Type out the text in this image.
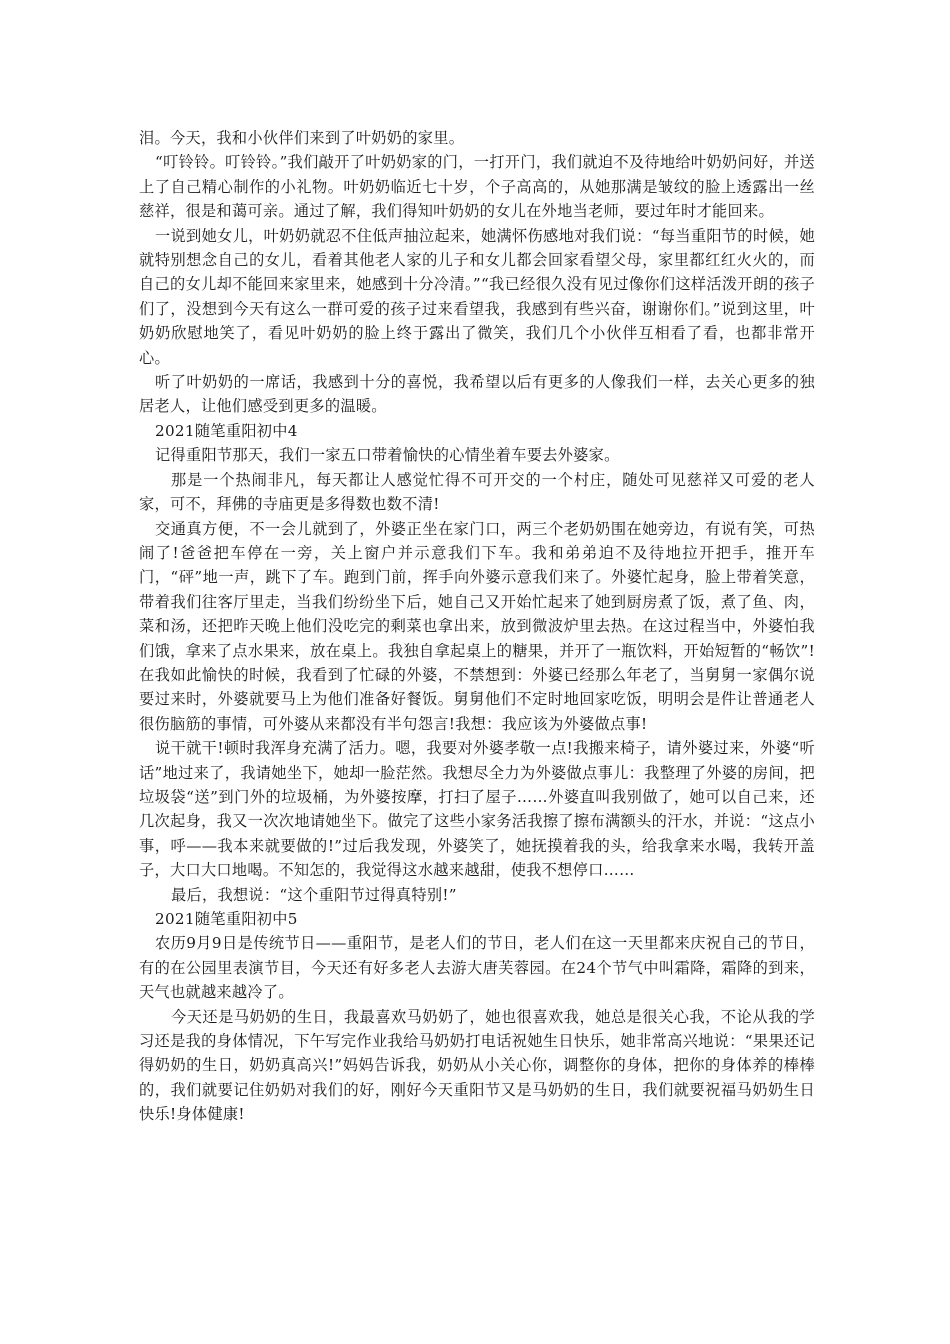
泪。今天，我和小伙伴们来到了叶奶奶的家里。

“叮铃铃。叮铃铃。”我们敲开了叶奶奶家的门，一打开门，我们就迫不及待地给叶奶奶问好，并送上了自己精心制作的小礼物。叶奶奶临近七十岁，个子高高的，从她那满是皱纹的脸上透露出一丝慈祥，很是和蔼可亲。通过了解，我们得知叶奶奶的女儿在外地当老师，要过年时才能回来。

一说到她女儿，叶奶奶就忍不住低声抽泣起来，她满怀伤感地对我们说：“每当重阳节的时候，她就特别想念自己的女儿，看着其他老人家的儿子和女儿都会回家看望父母，家里都红红火火的，而自己的女儿却不能回来家里来，她感到十分冷清。”“我已经很久没有见过像你们这样活泼开朗的孩子们了，没想到今天有这么一群可爱的孩子过来看望我，我感到有些兴奋，谢谢你们。”说到这里，叶奶奶欣慰地笑了，看见叶奶奶的脸上终于露出了微笑，我们几个小伙伴互相看了看，也都非常开心。

听了叶奶奶的一席话，我感到十分的喜悦，我希望以后有更多的人像我们一样，去关心更多的独居老人，让他们感受到更多的温暖。

2021随笔重阳初中4

记得重阳节那天，我们一家五口带着愉快的心情坐着车要去外婆家。

那是一个热闹非凡，每天都让人感觉忙得不可开交的一个村庄，随处可见慈祥又可爱的老人家，可不，拜佛的寺庙更是多得数也数不清!

交通真方便，不一会儿就到了，外婆正坐在家门口，两三个老奶奶围在她旁边，有说有笑，可热闹了!爸爸把车停在一旁，关上窗户并示意我们下车。我和弟弟迫不及待地拉开把手，推开车门，“砰”地一声，跳下了车。跑到门前，挥手向外婆示意我们来了。外婆忙起身，脸上带着笑意，带着我们往客厅里走，当我们纷纷坐下后，她自己又开始忙起来了她到厨房煮了饭，煮了鱼、肉，菜和汤，还把昨天晚上他们没吃完的剩菜也拿出来，放到微波炉里去热。在这过程当中，外婆怕我们饿，拿来了点水果来，放在桌上。我独自拿起桌上的糖果，并开了一瓶饮料，开始短暂的“畅饮”!在我如此愉快的时候，我看到了忙碌的外婆，不禁想到：外婆已经那么年老了，当舅舅一家偶尔说要过来时，外婆就要马上为他们准备好餐饭。舅舅他们不定时地回家吃饭，明明会是件让普通老人很伤脑筋的事情，可外婆从来都没有半句怨言!我想：我应该为外婆做点事!

说干就干!顿时我浑身充满了活力。嗯，我要对外婆孝敬一点!我搬来椅子，请外婆过来，外婆“听话”地过来了，我请她坐下，她却一脸茫然。我想尽全力为外婆做点事儿：我整理了外婆的房间，把垃圾袋“送”到门外的垃圾桶，为外婆按摩，打扫了屋子……外婆直叫我别做了，她可以自己来，还几次起身，我又一次次地请她坐下。做完了这些小家务活我擦了擦布满额头的汗水，并说：“这点小事，呼——我本来就要做的!”过后我发现，外婆笑了，她抚摸着我的头，给我拿来水喝，我转开盖子，大口大口地喝。不知怎的，我觉得这水越来越甜，使我不想停口……

最后，我想说：“这个重阳节过得真特别!”

2021随笔重阳初中5

农历9月9日是传统节日——重阳节，是老人们的节日，老人们在这一天里都来庆祝自己的节日，有的在公园里表演节目，今天还有好多老人去游大唐芙蓉园。在24个节气中叫霜降，霜降的到来，天气也就越来越冷了。

今天还是马奶奶的生日，我最喜欢马奶奶了，她也很喜欢我，她总是很关心我，不论从我的学习还是我的身体情况，下午写完作业我给马奶奶打电话祝她生日快乐，她非常高兴地说：“果果还记得奶奶的生日，奶奶真高兴!”妈妈告诉我，奶奶从小关心你，调整你的身体，把你的身体养的棒棒的，我们就要记住奶奶对我们的好，刚好今天重阳节又是马奶奶的生日，我们就要祝福马奶奶生日快乐!身体健康!
